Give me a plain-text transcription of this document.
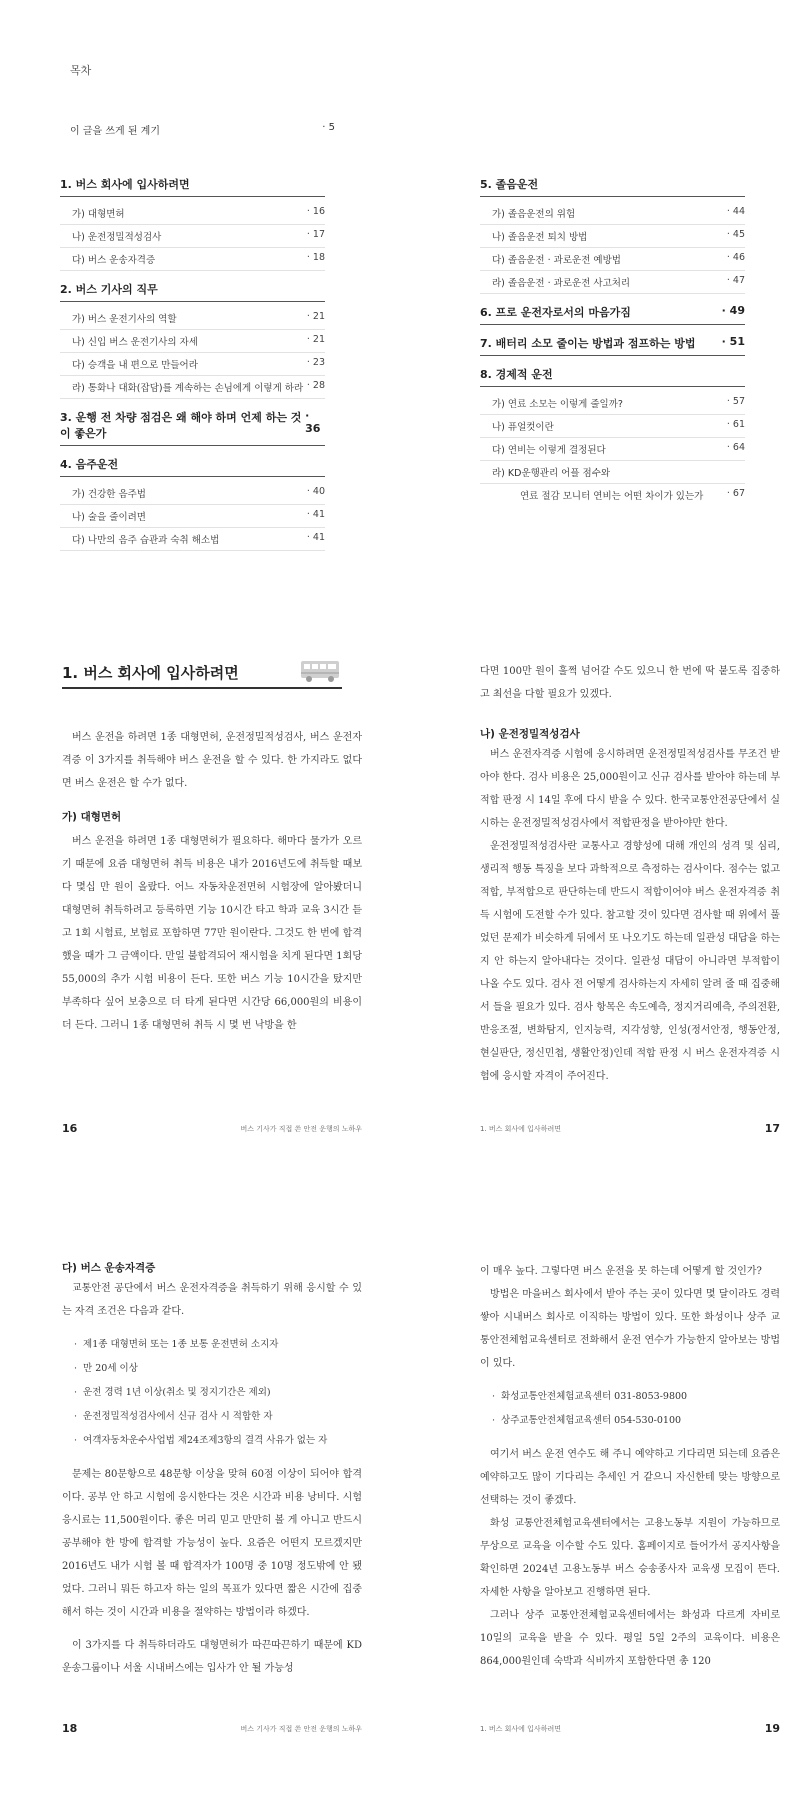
목차
이 글을 쓰게 된 계기	· 5
1. 버스 회사에 입사하려면
가) 대형면허	· 16
나) 운전정밀적성검사	· 17
다) 버스 운송자격증	· 18
2. 버스 기사의 직무
가) 버스 운전기사의 역할	· 21
나) 신입 버스 운전기사의 자세	· 21
다) 승객을 내 편으로 만들어라	· 23
라) 통화나 대화(잡담)를 계속하는 손님에게 이렇게 하라 · 28
3. 운행 전 차량 점검은 왜 해야 하며 언제 하는 것이 좋은가
· 36
4. 음주운전
가) 건강한 음주법	· 40
나) 술을 줄이려면	· 41
다) 나만의 음주 습관과 숙취 해소법	· 41
5. 졸음운전
가) 졸음운전의 위험	· 44
나) 졸음운전 퇴치 방법	· 45
다) 졸음운전 · 과로운전 예방법	· 46
라) 졸음운전 · 과로운전 사고처리	· 47
6. 프로 운전자로서의 마음가짐	· 49
7. 배터리 소모 줄이는 방법과 점프하는 방법 · 51
8. 경제적 운전
가) 연료 소모는 이렇게 줄일까?	· 57
나) 퓨얼컷이란	· 61
다) 연비는 이렇게 결정된다	· 64
라) KD운행관리 어플 점수와
연료 절감 모니터 연비는 어떤 차이가 있는가 · 67
1. 버스 회사에 입사하려면

버스 운전을 하려면 1종 대형면허, 운전정밀적성검사, 버스 운전자격증 이 3가지를 취득해야 버스 운전을 할 수 있다. 한 가지라도 없다면 버스 운전은 할 수가 없다.

가) 대형면허

버스 운전을 하려면 1종 대형면허가 필요하다. 해마다 물가가 오르기 때문에 요즘 대형면허 취득 비용은 내가 2016년도에 취득할 때보다 몇십 만 원이 올랐다. 어느 자동차운전면허 시험장에 알아봤더니 대형면허 취득하려고 등록하면 기능 10시간 타고 학과 교육 3시간 듣고 1회 시험료, 보험료 포함하면 77만 원이란다. 그것도 한 번에 합격했을 때가 그 금액이다. 만일 불합격되어 재시험을 치게 된다면 1회당 55,000의 추가 시험 비용이 든다. 또한 버스 기능 10시간을 탔지만 부족하다 싶어 보충으로 더 타게 된다면 시간당 66,000원의 비용이 더 든다. 그러니 1종 대형면허 취득 시 몇 번 낙방을 한

16	버스 기사가 직접 쓴 안전 운행의 노하우

다면 100만 원이 훌쩍 넘어갈 수도 있으니 한 번에 딱 붙도록 집중하고 최선을 다할 필요가 있겠다.

나) 운전정밀적성검사

버스 운전자격증 시험에 응시하려면 운전정밀적성검사를 무조건 받아야 한다. 검사 비용은 25,000원이고 신규 검사를 받아야 하는데 부적합 판정 시 14일 후에 다시 받을 수 있다. 한국교통안전공단에서 실시하는 운전정밀적성검사에서 적합판정을 받아야만 한다.

운전정밀적성검사란 교통사고 경향성에 대해 개인의 성격 및 심리, 생리적 행동 특징을 보다 과학적으로 측정하는 검사이다. 점수는 없고 적합, 부적합으로 판단하는데 반드시 적합이어야 버스 운전자격증 취득 시험에 도전할 수가 있다. 참고할 것이 있다면 검사할 때 위에서 풀었던 문제가 비슷하게 뒤에서 또 나오기도 하는데 일관성 대답을 하는지 안 하는지 알아내다는 것이다. 일관성 대답이 아니라면 부적합이 나올 수도 있다. 검사 전 어떻게 검사하는지 자세히 알려 줄 때 집중해서 들을 필요가 있다. 검사 항목은 속도예측, 정지거리예측, 주의전환, 반응조절, 변화탐지, 인지능력, 지각성향, 인성(정서안정, 행동안정, 현실판단, 정신민첩, 생활안정)인데 적합 판정 시 버스 운전자격증 시험에 응시할 자격이 주어진다.

1. 버스 회사에 입사하려면	17

다) 버스 운송자격증

교통안전 공단에서 버스 운전자격증을 취득하기 위해 응시할 수 있는 자격 조건은 다음과 같다.

· 제1종 대형면허 또는 1종 보통 운전면허 소지자
· 만 20세 이상
· 운전 경력 1년 이상(취소 및 정지기간은 제외)
· 운전정밀적성검사에서 신규 검사 시 적합한 자
· 여객자동차운수사업법 제24조제3항의 결격 사유가 없는 자

문제는 80문항으로 48문항 이상을 맞혀 60점 이상이 되어야 합격이다. 공부 안 하고 시험에 응시한다는 것은 시간과 비용 낭비다. 시험 응시료는 11,500원이다. 좋은 머리 믿고 만만히 볼 게 아니고 반드시 공부해야 한 방에 합격할 가능성이 높다. 요즘은 어떤지 모르겠지만 2016년도 내가 시험 볼 때 합격자가 100명 중 10명 정도밖에 안 됐었다. 그러니 뭐든 하고자 하는 일의 목표가 있다면 짧은 시간에 집중해서 하는 것이 시간과 비용을 절약하는 방법이라 하겠다.

이 3가지를 다 취득하더라도 대형면허가 따끈따끈하기 때문에 KD운송그룹이나 서울 시내버스에는 입사가 안 될 가능성

18	버스 기사가 직접 쓴 안전 운행의 노하우

이 매우 높다. 그렇다면 버스 운전을 못 하는데 어떻게 할 것인가?

방법은 마을버스 회사에서 받아 주는 곳이 있다면 몇 달이라도 경력 쌓아 시내버스 회사로 이직하는 방법이 있다. 또한 화성이나 상주 교통안전체험교육센터로 전화해서 운전 연수가 가능한지 알아보는 방법이 있다.

· 화성교통안전체험교육센터 031-8053-9800
· 상주교통안전체험교육센터 054-530-0100

여기서 버스 운전 연수도 해 주니 예약하고 기다리면 되는데 요즘은 예약하고도 많이 기다리는 추세인 거 같으니 자신한테 맞는 방향으로 선택하는 것이 좋겠다.

화성 교통안전체험교육센터에서는 고용노동부 지원이 가능하므로 무상으로 교육을 이수할 수도 있다. 홈페이지로 들어가서 공지사항을 확인하면 2024년 고용노동부 버스 승송종사자 교육생 모집이 뜬다. 자세한 사항을 알아보고 진행하면 된다.

그러나 상주 교통안전체험교육센터에서는 화성과 다르게 자비로 10일의 교육을 받을 수 있다. 평일 5일 2주의 교육이다. 비용은 864,000원인데 숙박과 식비까지 포함한다면 총 120

1. 버스 회사에 입사하려면	19
